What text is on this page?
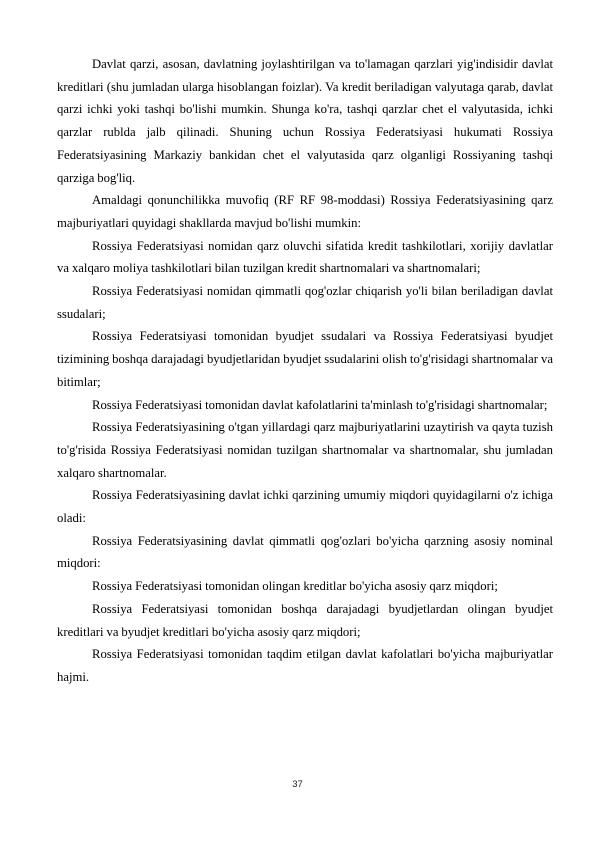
Davlat qarzi, asosan, davlatning joylashtirilgan va to'lamagan qarzlari yig'indisidir davlat kreditlari (shu jumladan ularga hisoblangan foizlar). Va kredit beriladigan valyutaga qarab, davlat qarzi ichki yoki tashqi bo'lishi mumkin. Shunga ko'ra, tashqi qarzlar chet el valyutasida, ichki qarzlar rublda jalb qilinadi. Shuning uchun Rossiya Federatsiyasi hukumati Rossiya Federatsiyasining Markaziy bankidan chet el valyutasida qarz olganligi Rossiyaning tashqi qarziga bog'liq.

Amaldagi qonunchilikka muvofiq (RF RF 98-moddasi) Rossiya Federatsiyasining qarz majburiyatlari quyidagi shakllarda mavjud bo'lishi mumkin:

Rossiya Federatsiyasi nomidan qarz oluvchi sifatida kredit tashkilotlari, xorijiy davlatlar va xalqaro moliya tashkilotlari bilan tuzilgan kredit shartnomalari va shartnomalari;

Rossiya Federatsiyasi nomidan qimmatli qog'ozlar chiqarish yo'li bilan beriladigan davlat ssudalari;

Rossiya Federatsiyasi tomonidan byudjet ssudalari va Rossiya Federatsiyasi byudjet tizimining boshqa darajadagi byudjetlaridan byudjet ssudalarini olish to'g'risidagi shartnomalar va bitimlar;

Rossiya Federatsiyasi tomonidan davlat kafolatlarini ta'minlash to'g'risidagi shartnomalar;

Rossiya Federatsiyasining o'tgan yillardagi qarz majburiyatlarini uzaytirish va qayta tuzish to'g'risida Rossiya Federatsiyasi nomidan tuzilgan shartnomalar va shartnomalar, shu jumladan xalqaro shartnomalar.

Rossiya Federatsiyasining davlat ichki qarzining umumiy miqdori quyidagilarni o'z ichiga oladi:

Rossiya Federatsiyasining davlat qimmatli qog'ozlari bo'yicha qarzning asosiy nominal miqdori:

Rossiya Federatsiyasi tomonidan olingan kreditlar bo'yicha asosiy qarz miqdori;

Rossiya Federatsiyasi tomonidan boshqa darajadagi byudjetlardan olingan byudjet kreditlari va byudjet kreditlari bo'yicha asosiy qarz miqdori;

Rossiya Federatsiyasi tomonidan taqdim etilgan davlat kafolatlari bo'yicha majburiyatlar hajmi.

37
